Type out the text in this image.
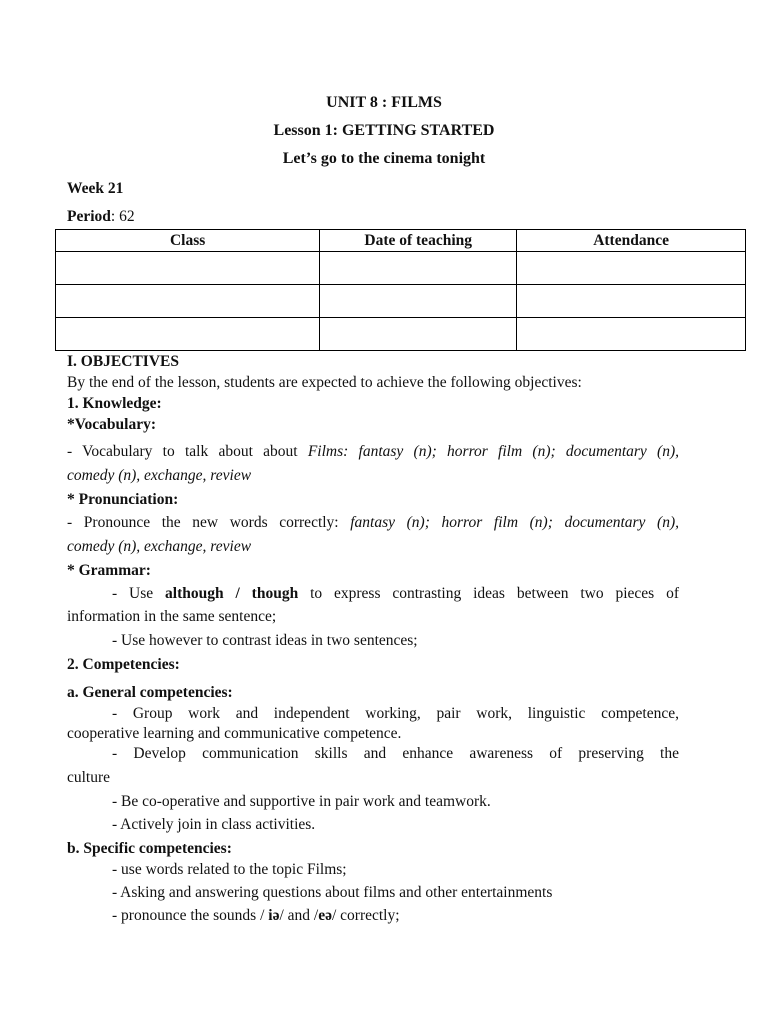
UNIT 8 : FILMS
Lesson 1: GETTING STARTED
Let’s go to the cinema tonight
Week 21
Period: 62
Class	Date of teaching	Attendance

I. OBJECTIVES
By the end of the lesson, students are expected to achieve the following objectives:
1. Knowledge:
*Vocabulary:
- Vocabulary to talk about about Films: fantasy (n); horror film (n); documentary (n),
comedy (n), exchange, review
* Pronunciation:
- Pronounce the new words correctly: fantasy (n); horror film (n); documentary (n),
comedy (n), exchange, review
* Grammar:
- Use although / though to express contrasting ideas between two pieces of
information in the same sentence;
- Use however to contrast ideas in two sentences;
2. Competencies:
a. General competencies:
- Group work and independent working, pair work, linguistic competence,
cooperative learning and communicative competence.
- Develop communication skills and enhance awareness of preserving the
culture
- Be co-operative and supportive in pair work and teamwork.
- Actively join in class activities.
b. Specific competencies:
- use words related to the topic Films;
- Asking and answering questions about films and other entertainments
- pronounce the sounds / iə/ and /eə/ correctly;
